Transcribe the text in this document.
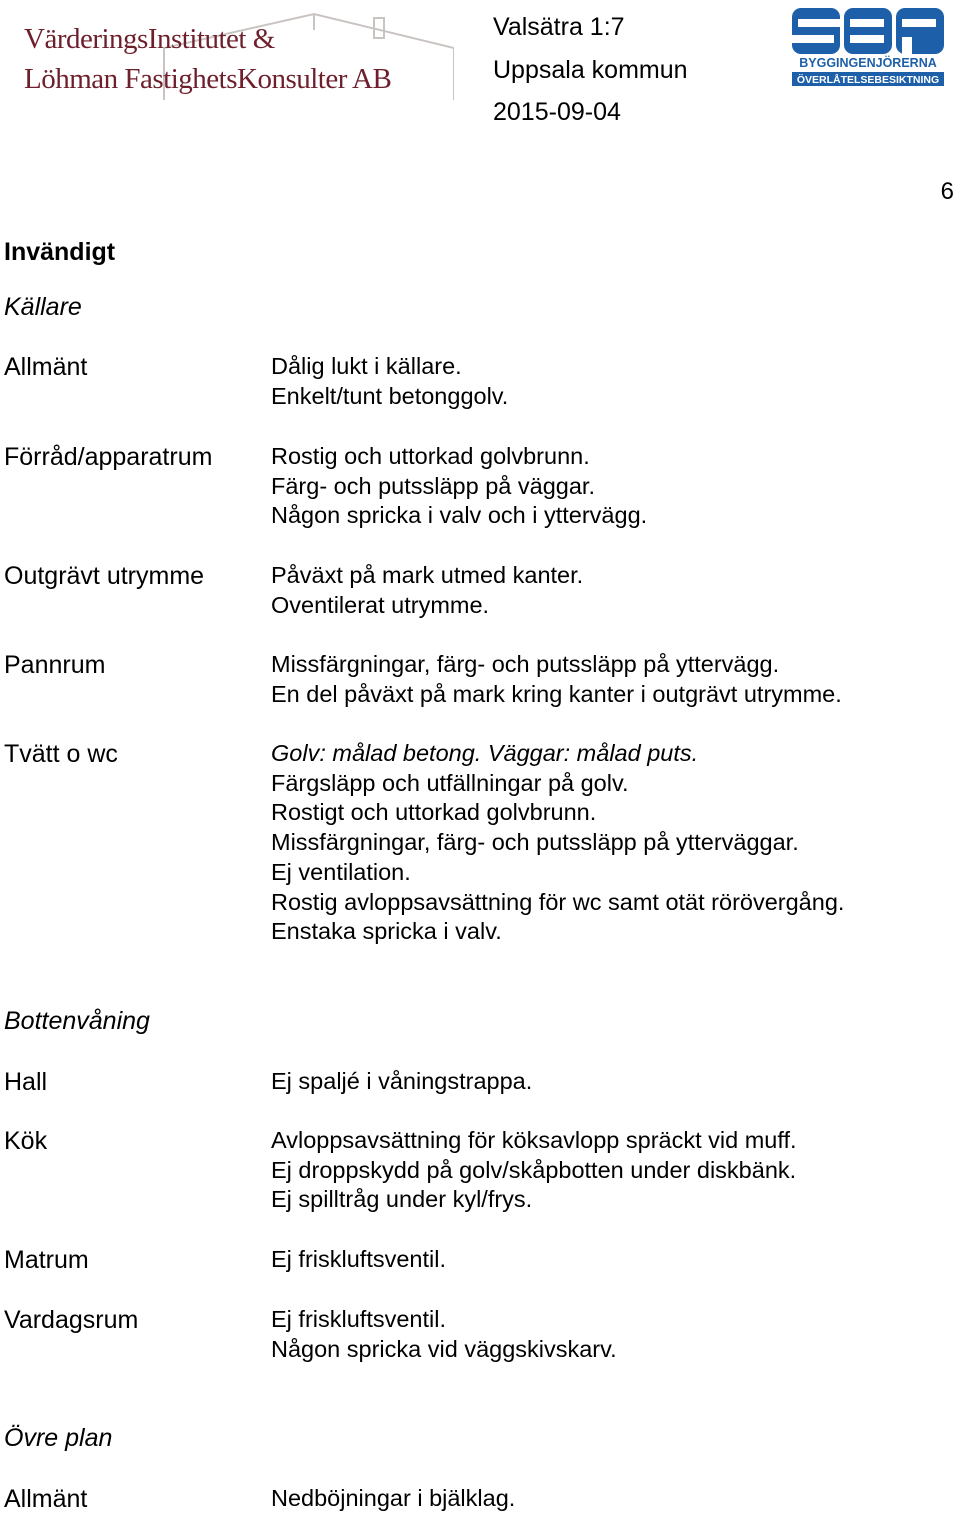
VärderingsInstitutet &
Löhman FastighetsKonsulter AB
Valsätra 1:7
Uppsala kommun
2015-09-04
BYGGINGENJÖRERNA
ÖVERLÅTELSEBESIKTNING
6
Invändigt
Källare
Allmänt	Dålig lukt i källare.
Enkelt/tunt betonggolv.
Förråd/apparatrum Rostig och uttorkad golvbrunn.
Färg- och putssläpp på väggar.
Någon spricka i valv och i yttervägg.
Outgrävt utrymme	Påväxt på mark utmed kanter.
Oventilerat utrymme.
Pannrum	Missfärgningar, färg- och putssläpp på yttervägg.
En del påväxt på mark kring kanter i outgrävt utrymme.
Tvätt o wc	Golv: målad betong. Väggar: målad puts.
Färgsläpp och utfällningar på golv.
Rostigt och uttorkad golvbrunn.
Missfärgningar, färg- och putssläpp på ytterväggar.
Ej ventilation.
Rostig avloppsavsättning för wc samt otät rörövergång.
Enstaka spricka i valv.
Bottenvåning
Hall	Ej spaljé i våningstrappa.
Kök	Avloppsavsättning för köksavlopp spräckt vid muff.
Ej droppskydd på golv/skåpbotten under diskbänk.
Ej spilltråg under kyl/frys.
Matrum	Ej friskluftsventil.
Vardagsrum	Ej friskluftsventil.
Någon spricka vid väggskivskarv.
Övre plan
Allmänt	Nedböjningar i bjälklag.
